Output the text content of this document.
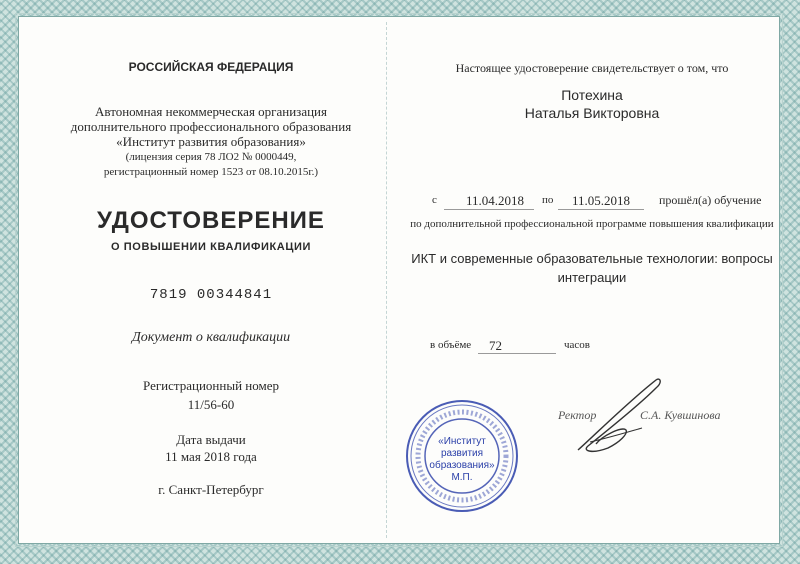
РОССИЙСКАЯ ФЕДЕРАЦИЯ
Автономная некоммерческая организация
дополнительного профессионального образования
«Институт развития образования»
(лицензия серия 78 ЛО2 № 0000449,
регистрационный номер 1523 от 08.10.2015г.)
УДОСТОВЕРЕНИЕ
О ПОВЫШЕНИИ КВАЛИФИКАЦИИ
7819 00344841
Документ о квалификации
Регистрационный номер
11/56-60
Дата выдачи
11 мая 2018 года
г. Санкт-Петербург
Настоящее удостоверение свидетельствует о том, что
Потехина
Наталья Викторовна
с 11.04.2018 по 11.05.2018 прошёл(а) обучение
по дополнительной профессиональной программе повышения квалификации
ИКТ и современные образовательные технологии: вопросы
интеграции
в объёме 72	часов
Ректор	С.А. Кувшинова
«Институт
развития
образования»
М.П.
